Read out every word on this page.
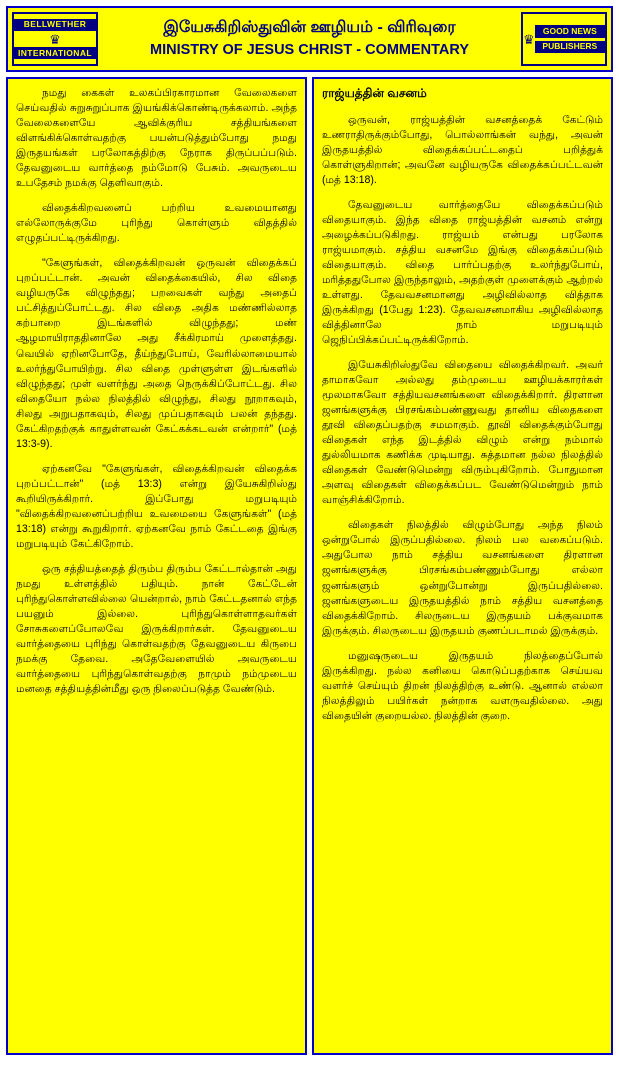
BELLWETHER
♛
INTERNATIONAL
இயேசுகிறிஸ்துவின் ஊழியம் - விரிவுரை
MINISTRY OF JESUS CHRIST - COMMENTARY
♛
GOOD NEWS
PUBLISHERS

நமது கைகள் உலகப்பிரகாரமான வேலைகளை செய்வதில் சுறுசுறுப்பாக இயங்கிக்கொண்டிருக்கலாம். அந்த வேலைகளையே ஆவிக்குரிய சத்தியங்களை விளங்கிக்கொள்வதற்கு பயன்படுத்தும்போது நமது இருதயங்கள் பரலோகத்திற்கு நேராக திருப்பப்படும். தேவனுடைய வார்த்தை நம்மோடு பேசும். அவருடைய உபதேசம் நமக்கு தெளிவாகும்.

விதைக்கிறவனைப் பற்றிய உவமையானது எல்லோருக்குமே புரிந்து கொள்ளும் விதத்தில் எழுதப்பட்டிருக்கிறது.

"கேளுங்கள், விதைக்கிறவன் ஒருவன் விதைக்கப் புறப்பட்டான். அவன் விதைக்கையில், சில விதை வழியருகே விழுந்தது; பறவைகள் வந்து அதைப் பட்சித்துப்போட்டது. சில விதை அதிக மண்ணில்லாத கற்பாறை இடங்களில் விழுந்தது; மண் ஆழமாயிராததினாலே அது சீக்கிரமாய் முளைத்தது. வெயில் ஏறினபோதே, தீய்ந்துபோய், வேரில்லாமையால் உலர்ந்துபோயிற்று. சில விதை முள்ளுள்ள இடங்களில் விழுந்தது; முள் வளர்ந்து அதை நெருக்கிப்போட்டது. சில விதையோ நல்ல நிலத்தில் விழுந்து, சிலது நூறாகவும், சிலது அறுபதாகவும், சிலது முப்பதாகவும் பலன் தந்தது. கேட்கிறதற்குக் காதுள்ளவன் கேட்கக்கடவன் என்றார்" (மத் 13:3-9).

ஏற்கனவே "கேளுங்கள், விதைக்கிறவன் விதைக்க புறப்பட்டான்" (மத் 13:3) என்று இயேசுகிறிஸ்து கூறியிருக்கிறார். இப்போது மறுபடியும் "விதைக்கிறவனைப்பற்றிய உவமையை கேளுங்கள்" (மத் 13:18) என்று கூறுகிறார். ஏற்கனவே நாம் கேட்டதை இங்கு மறுபடியும் கேட்கிறோம்.

ஒரு சத்தியத்தைத் திரும்ப திரும்ப கேட்டால்தான் அது நமது உள்ளத்தில் பதியும். நான் கேட்டேன் புரிந்துகொள்ளவில்லை யென்றால், நாம் கேட்டதனால் எந்த பயனும் இல்லை. புரிந்துகொள்ளாதவர்கள் சோசுகளைப்போலவே இருக்கிறார்கள். தேவனுடைய வார்த்தையை புரிந்து கொள்வதற்கு தேவனுடைய கிருபை நமக்கு தேவை. அதேவேளையில் அவருடைய வார்த்தையை புரிந்துகொள்வதற்கு நாமும் நம்முடைய மனதை சத்தியத்தின்மீது ஒரு நிலைப்படுத்த வேண்டும்.

ராஜ்யத்தின் வசனம்

ஒருவன், ராஜ்யத்தின் வசனத்தைக் கேட்டும் உணராதிருக்கும்போது, பொல்லாங்கன் வந்து, அவன் இருதயத்தில் விதைக்கப்பட்டதைப் பறித்துக் கொள்ளுகிறான்; அவனே வழியருகே விதைக்கப்பட்டவன் (மத் 13:18).

தேவனுடைய வார்த்தையே விதைக்கப்படும் விதையாகும். இந்த விதை ராஜ்யத்தின் வசனம் என்று அழைக்கப்படுகிறது. ராஜ்யம் என்பது பரலோக ராஜ்யமாகும். சத்திய வசனமே இங்கு விதைக்கப்படும் விதையாகும். விதை பார்ப்பதற்கு உலர்ந்துபோய், மரித்ததுபோல இருந்தாலும், அதற்குள் முளைக்கும் ஆற்றல் உள்ளது. தேவவசனமானது அழிவில்லாத வித்தாக இருக்கிறது (1பேது 1:23). தேவவசனமாகிய அழிவில்லாத வித்தினாலே நாம் மறுபடியும் ஜெநிப்பிக்கப்பட்டிருக்கிறோம்.

இயேசுகிறிஸ்துவே விதையை விதைக்கிறவர். அவர் தாமாகவோ அல்லது தம்முடைய ஊழியக்காரர்கள் மூலமாகவோ சத்தியவசனங்களை விதைக்கிறார். திரளான ஜனங்களுக்கு பிரசங்கம்பண்ணுவது தானிய விதைகளை தூவி விதைப்பதற்கு சமமாகும். தூவி விதைக்கும்போது விதைகள் எந்த இடத்தில் விழும் என்று நம்மால் துல்லியமாக கணிக்க முடியாது. சுத்தமான நல்ல நிலத்தில் விதைகள் வேண்டுமென்று விரும்புகிறோம். போதுமான அளவு விதைகள் விதைக்கப்பட வேண்டுமென்றும் நாம் வாஞ்சிக்கிறோம்.

விதைகள் நிலத்தில் விழும்போது அந்த நிலம் ஒன்றுபோல் இருப்பதில்லை. நிலம் பல வகைப்படும். அதுபோல நாம் சத்திய வசனங்களை திரளான ஜனங்களுக்கு பிரசங்கம்பண்ணும்போது எல்லா ஜனங்களும் ஒன்றுபோன்று இருப்பதில்லை. ஜனங்களுடைய இருதயத்தில் நாம் சத்திய வசனத்தை விதைக்கிறோம். சிலருடைய இருதயம் பக்குவமாக இருக்கும். சிலருடைய இருதயம் குணப்படாமல் இருக்கும்.

மனுஷருடைய இருதயம் நிலத்தைப்போல் இருக்கிறது. நல்ல கனியை கொடுப்பதற்காக செய்யவ வளர்ச் செய்யும் திறன் நிலத்திற்கு உண்டு. ஆனால் எல்லா நிலத்திலும் பயிர்கள் நன்றாக வளருவதில்லை. அது விதையின் குறையல்ல. நிலத்தின் குறை.
